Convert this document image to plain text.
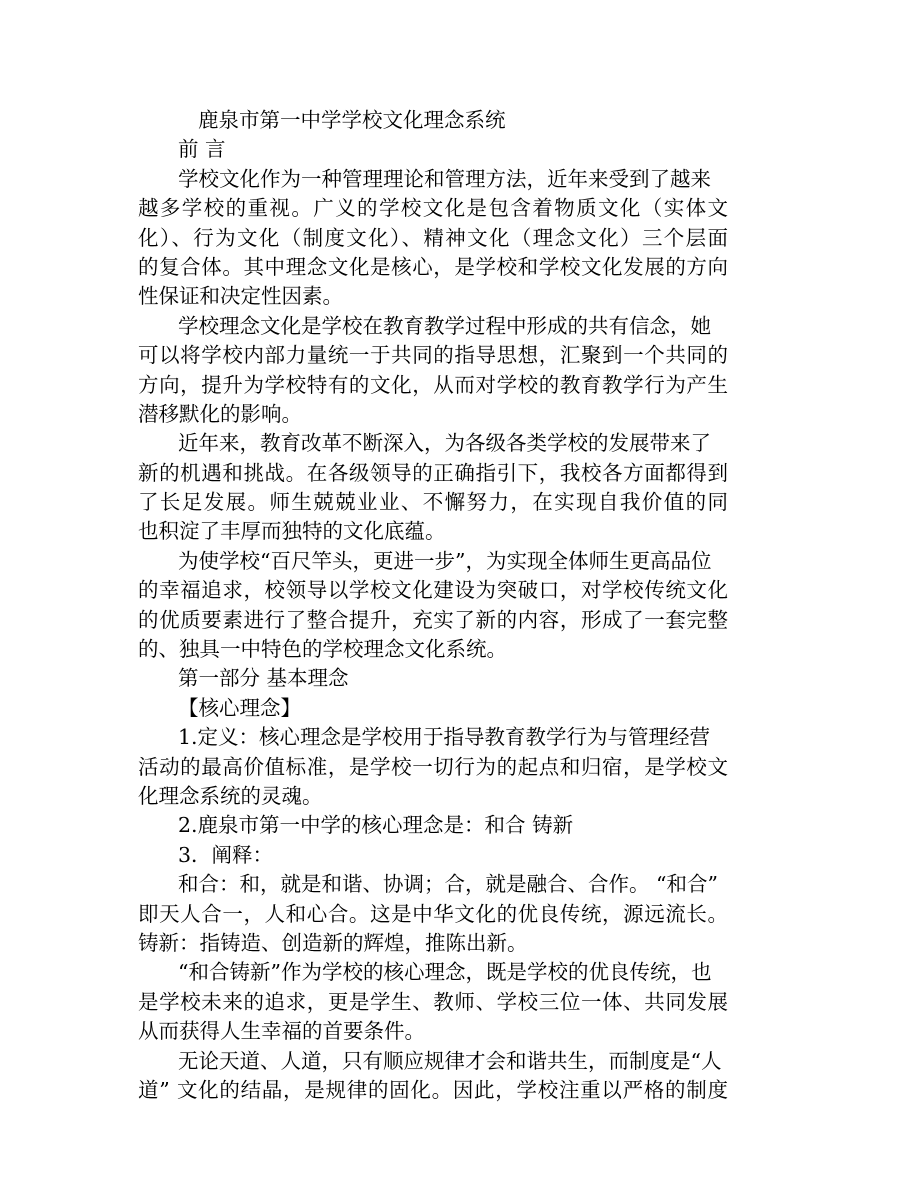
鹿泉市第一中学学校文化理念系统

前 言

学校文化作为一种管理理论和管理方法，近年来受到了越来

越多学校的重视。广义的学校文化是包含着物质文化（实体文

化）、行为文化（制度文化）、精神文化（理念文化）三个层面

的复合体。其中理念文化是核心，是学校和学校文化发展的方向

性保证和决定性因素。

学校理念文化是学校在教育教学过程中形成的共有信念，她

可以将学校内部力量统一于共同的指导思想，汇聚到一个共同的

方向，提升为学校特有的文化，从而对学校的教育教学行为产生

潜移默化的影响。

近年来，教育改革不断深入，为各级各类学校的发展带来了

新的机遇和挑战。在各级领导的正确指引下，我校各方面都得到

了长足发展。师生兢兢业业、不懈努力，在实现自我价值的同

也积淀了丰厚而独特的文化底蕴。

为使学校“百尺竿头，更进一步”，为实现全体师生更高品位

的幸福追求，校领导以学校文化建设为突破口，对学校传统文化

的优质要素进行了整合提升，充实了新的内容，形成了一套完整

的、独具一中特色的学校理念文化系统。

第一部分 基本理念

【核心理念】

1.定义：核心理念是学校用于指导教育教学行为与管理经营

活动的最高价值标准，是学校一切行为的起点和归宿，是学校文

化理念系统的灵魂。

2.鹿泉市第一中学的核心理念是：和合 铸新

3．阐释：

和合：和，就是和谐、协调；合，就是融合、合作。 “和合”

即天人合一，人和心合。这是中华文化的优良传统，源远流长。

铸新：指铸造、创造新的辉煌，推陈出新。

“和合铸新”作为学校的核心理念，既是学校的优良传统，也

是学校未来的追求，更是学生、教师、学校三位一体、共同发展

从而获得人生幸福的首要条件。

无论天道、人道，只有顺应规律才会和谐共生，而制度是“人

道” 文化的结晶，是规律的固化。因此，学校注重以严格的制度
